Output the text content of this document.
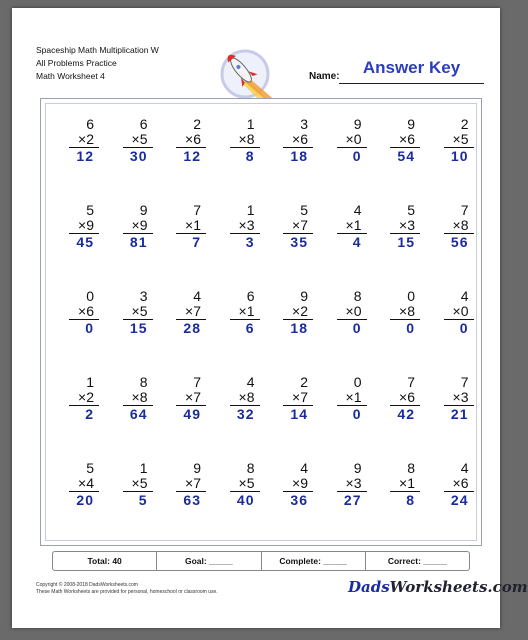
Spaceship Math Multiplication W
All Problems Practice
Math Worksheet 4	Name:	Answer Key
6
×2
12
6
×5
30
2
×6
12
1
×8
8
3
×6
18
9
×0
0
9
×6
54
2
×5
10
5
×9
45
9
×9
81
7
×1
7
1
×3
3
5
×7
35
4
×1
4
5
×3
15
7
×8
56
0
×6
0
3
×5
15
4
×7
28
6
×1
6
9
×2
18
8
×0
0
0
×8
0
4
×0
0
1
×2
2
8
×8
64
7
×7
49
4
×8
32
2
×7
14
0
×1
0
7
×6
42
7
×3
21
5
×4
20
1
×5
5
9
×7
63
8
×5
40
4
×9
36
9
×3
27
8
×1
8
4
×6
24
Total: 40	Goal: _____	Complete: _____	Correct: _____
Copyright © 2008-2018 DadsWorksheets.com
These Math Worksheets are provided for personal, homeschool or classroom use.	DadsWorksheets.com
